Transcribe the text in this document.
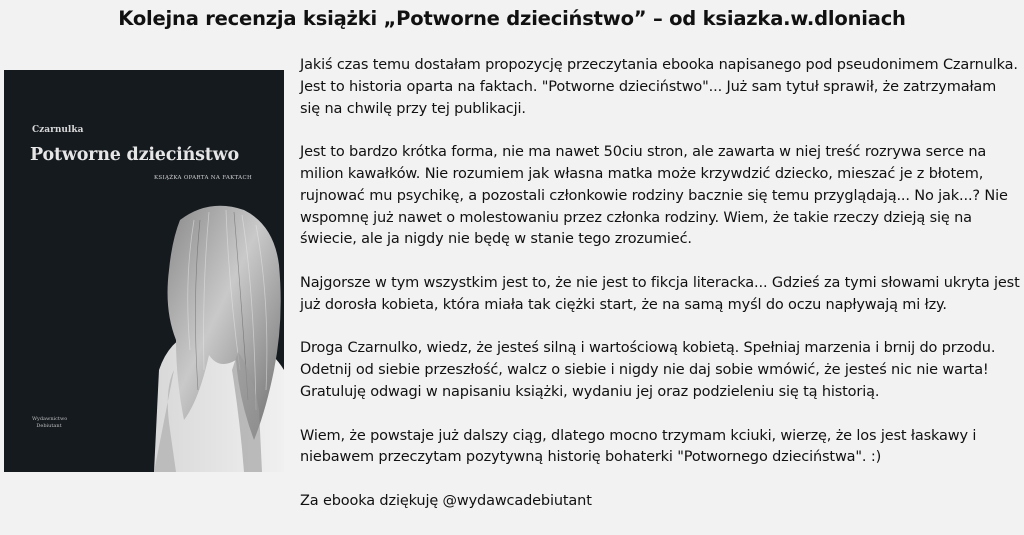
Kolejna recenzja książki „Potworne dzieciństwo” – od ksiazka.w.dloniach
Czarnulka
Potworne dzieciństwo
KSIĄŻKA OPARTA NA FAKTACH
Wydawnictwo
Debiutant

Jakiś czas temu dostałam propozycję przeczytania ebooka napisanego pod pseudonimem Czarnulka. Jest to historia oparta na faktach. "Potworne dzieciństwo"... Już sam tytuł sprawił, że zatrzymałam się na chwilę przy tej publikacji.

Jest to bardzo krótka forma, nie ma nawet 50ciu stron, ale zawarta w niej treść rozrywa serce na milion kawałków. Nie rozumiem jak własna matka może krzywdzić dziecko, mieszać je z błotem, rujnować mu psychikę, a pozostali członkowie rodziny bacznie się temu przyglądają... No jak...? Nie wspomnę już nawet o molestowaniu przez członka rodziny. Wiem, że takie rzeczy dzieją się na świecie, ale ja nigdy nie będę w stanie tego zrozumieć.

Najgorsze w tym wszystkim jest to, że nie jest to fikcja literacka... Gdzieś za tymi słowami ukryta jest już dorosła kobieta, która miała tak ciężki start, że na samą myśl do oczu napływają mi łzy.

Droga Czarnulko, wiedz, że jesteś silną i wartościową kobietą. Spełniaj marzenia i brnij do przodu. Odetnij od siebie przeszłość, walcz o siebie i nigdy nie daj sobie wmówić, że jesteś nic nie warta! Gratuluję odwagi w napisaniu książki, wydaniu jej oraz podzieleniu się tą historią.

Wiem, że powstaje już dalszy ciąg, dlatego mocno trzymam kciuki, wierzę, że los jest łaskawy i niebawem przeczytam pozytywną historię bohaterki "Potwornego dzieciństwa". :)

Za ebooka dziękuję @wydawcadebiutant
